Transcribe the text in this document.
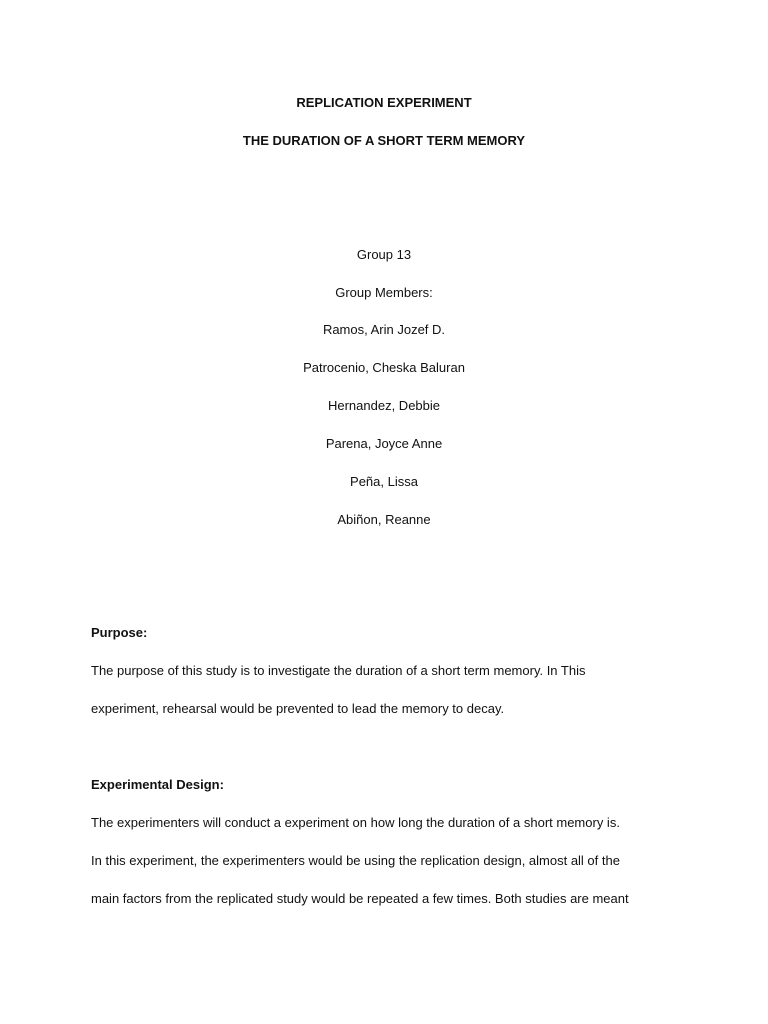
REPLICATION EXPERIMENT

THE DURATION OF A SHORT TERM MEMORY

Group 13

Group Members:

Ramos, Arin Jozef D.

Patrocenio, Cheska Baluran

Hernandez, Debbie

Parena, Joyce Anne

Peña, Lissa

Abiñon, Reanne

Purpose:

The purpose of this study is to investigate the duration of a short term memory. In This

experiment, rehearsal would be prevented to lead the memory to decay.

Experimental Design:

The experimenters will conduct a experiment on how long the duration of a short memory is.

In this experiment, the experimenters would be using the replication design, almost all of the

main factors from the replicated study would be repeated a few times. Both studies are meant
